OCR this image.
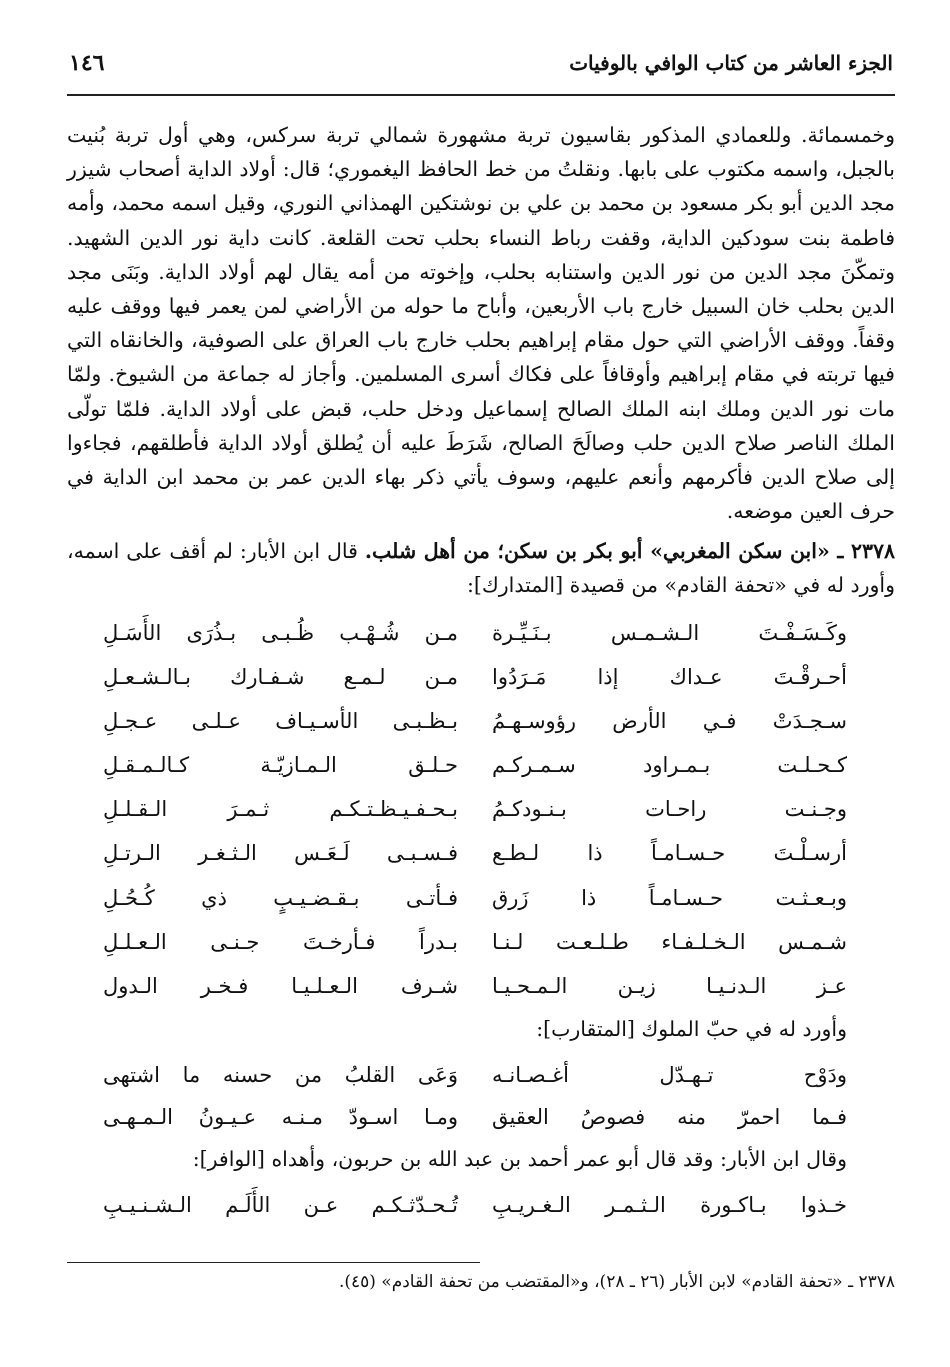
الجزء العاشر من كتاب الوافي بالوفيات
١٤٦

وخمسمائة. وللعمادي المذكور بقاسيون تربة مشهورة شمالي تربة سركس، وهي أول تربة بُنيت بالجبل، واسمه مكتوب على بابها. ونقلتُ من خط الحافظ اليغموري؛ قال: أولاد الداية أصحاب شيزر مجد الدين أبو بكر مسعود بن محمد بن علي بن نوشتكين الهمذاني النوري، وقيل اسمه محمد، وأمه فاطمة بنت سودكين الداية، وقفت رباط النساء بحلب تحت القلعة. كانت داية نور الدين الشهيد. وتمكّنَ مجد الدين من نور الدين واستنابه بحلب، وإخوته من أمه يقال لهم أولاد الداية. وبَنَى مجد الدين بحلب خان السبيل خارج باب الأربعين، وأباح ما حوله من الأراضي لمن يعمر فيها ووقف عليه وقفاً. ووقف الأراضي التي حول مقام إبراهيم بحلب خارج باب العراق على الصوفية، والخانقاه التي فيها تربته في مقام إبراهيم وأوقافاً على فكاك أسرى المسلمين. وأجاز له جماعة من الشيوخ. ولمّا مات نور الدين وملك ابنه الملك الصالح إسماعيل ودخل حلب، قبض على أولاد الداية. فلمّا تولّى الملك الناصر صلاح الدين حلب وصالَحَ الصالح، شَرَطَ عليه أن يُطلق أولاد الداية فأطلقهم، فجاءوا إلى صلاح الدين فأكرمهم وأنعم عليهم، وسوف يأتي ذكر بهاء الدين عمر بن محمد ابن الداية في حرف العين موضعه.

٢٣٧٨ ـ «ابن سكن المغربي» أبو بكر بن سكن؛ من أهل شلب. قال ابن الأبار: لم أقف على اسمه، وأورد له في «تحفة القادم» من قصيدة [المتدارك]:
وكَـسَـفْـتَ الـشـمـس بـنَـيِّـرة
مـن شُـهْـب ظُـبـى بـذُرَى الأَسَـلِ
أحـرقْـتَ عـداك إذا مَـرَدُوا
مـن لـمـع شـفـارك بـالـشـعـلِ
سـجـدَتْ فـي الأرض رؤوسـهـمُ
بـظـبـى الأسـيـاف عـلـى عـجـلِ
كـحـلـت بـمـراود سـمـركـم
حـلـق الـمـازيّـة كـالـمـقـلِ
وجـنـت راحـات بـنـودكـمُ
بـحـفـيـظـتـكـم ثـمـرَ الـقـلـلِ
أرسـلْـتَ حـسـامـاً ذا لـطـع
فـسـبـى لَـعَـس الـثـغـر الـرتـلِ
وبـعـثـت حـسـامـاً ذا زَرق
فـأتـى بـقـضـيـبٍ ذي كُـحُـلِ
شـمـس الـخـلـفـاء طـلـعـت لـنـا
بـدراً فـأرخـتَ جـنـى الـعـلـلِ
عـز الـدنـيـا زيـن الـمـحـيـا
شـرف الـعـلـيـا فـخـر الـدول
وأورد له في حبّ الملوك [المتقارب]:
ودَوْح تـهـدّل أغـصـانـه
وَعَى القلبُ من حسنه ما اشتهى
فـما احمرّ منه فصوصُ العقيق
ومـا اسـودّ مـنـه عـيـونُ الـمـهـى
وقال ابن الأبار: وقد قال أبو عمر أحمد بن عبد الله بن حربون، وأهداه [الوافر]:
خـذوا بـاكـورة الـثـمـر الـغـريـبِ
تُـحـدّثـكـم عـن الأَلَـم الـشـنـيـبِ
٢٣٧٨ ـ «تحفة القادم» لابن الأبار (٢٦ ـ ٢٨)، و«المقتضب من تحفة القادم» (٤٥).
